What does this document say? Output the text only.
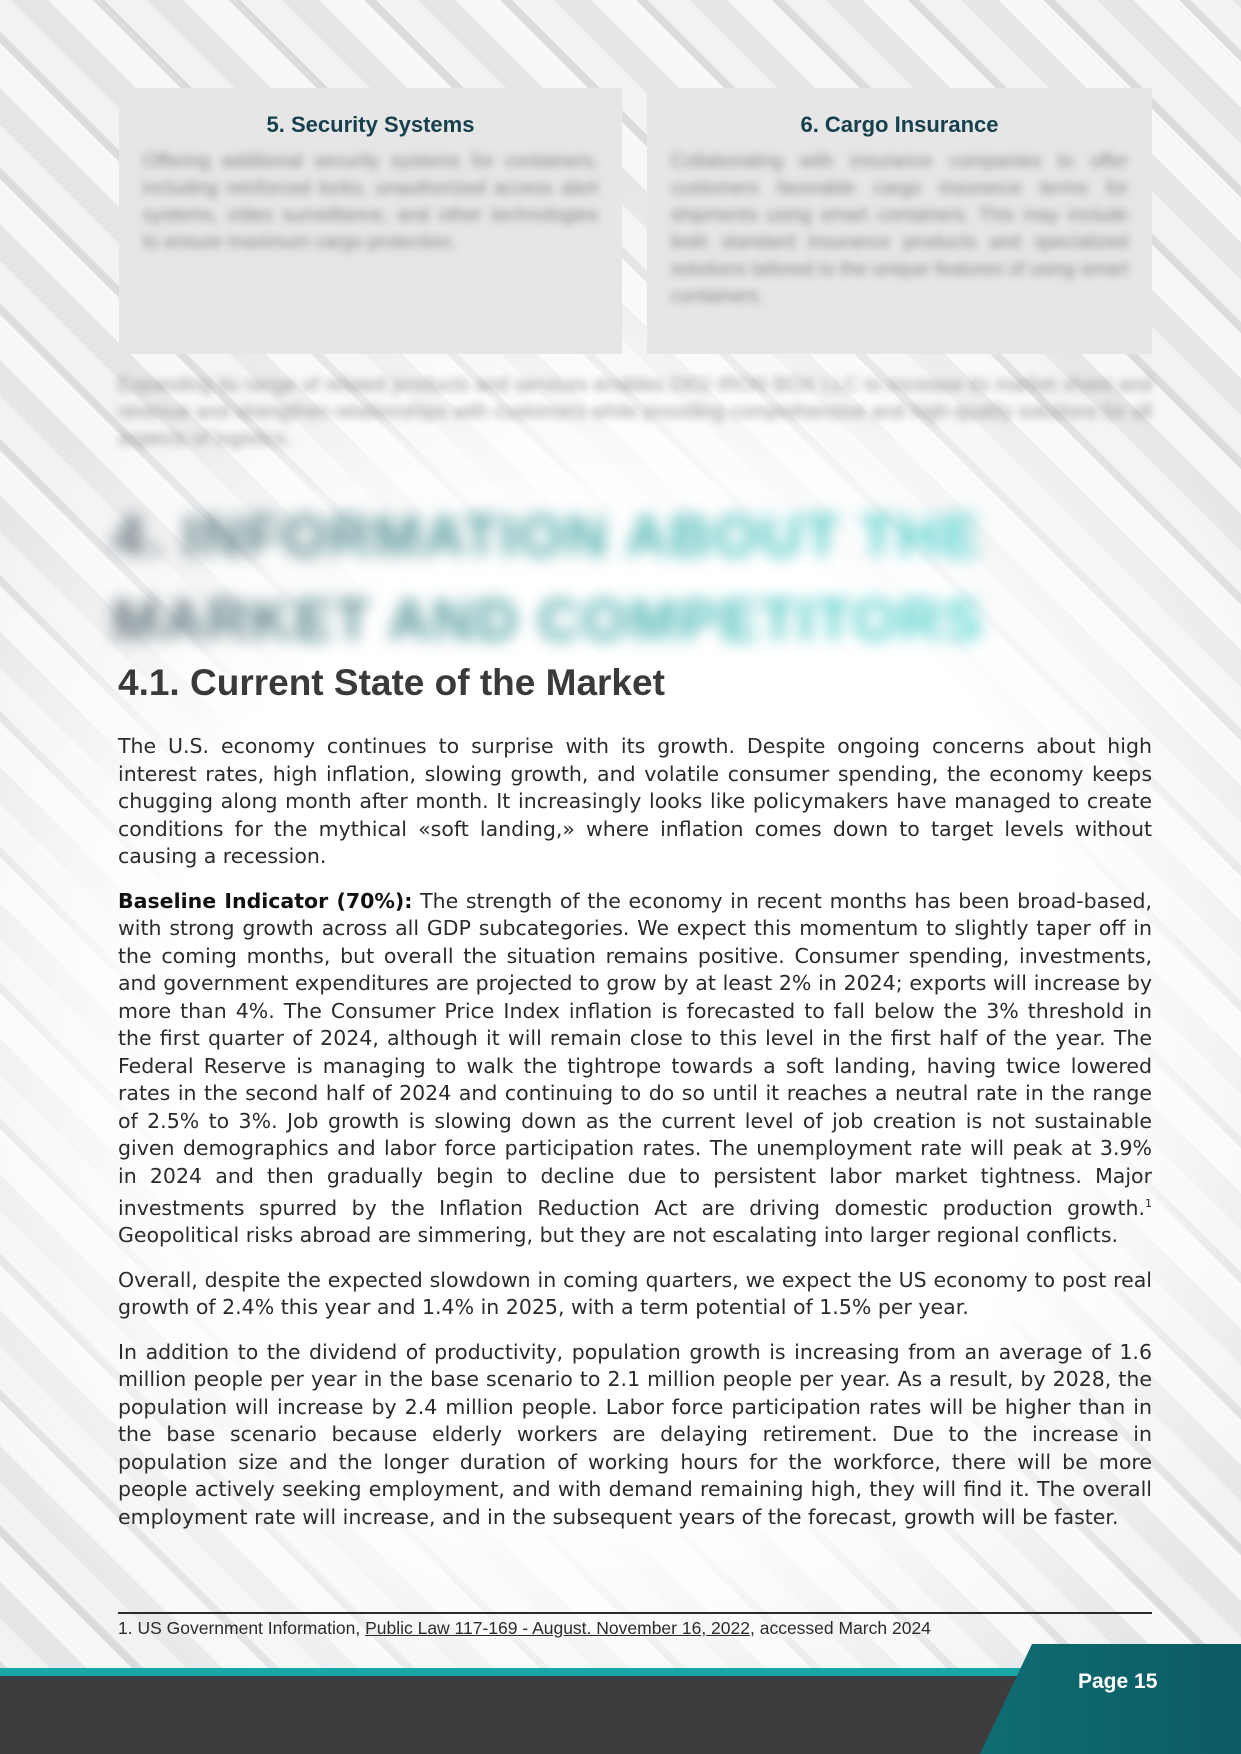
5. Security Systems

Offering additional security systems for containers, including reinforced locks, unauthorized access alert systems, video surveillance, and other technologies to ensure maximum cargo protection.

6. Cargo Insurance

Collaborating with insurance companies to offer customers favorable cargo insurance terms for shipments using smart containers. This may include both standard insurance products and specialized solutions tailored to the unique features of using smart containers.

Expanding its range of related products and services enables DIGI IRON BOX LLC to increase its market share and revenue and strengthen relationships with customers while providing comprehensive and high-quality solutions for all aspects of logistics.

4. INFORMATION ABOUT THE MARKET AND COMPETITORS
4.1. Current State of the Market

The U.S. economy continues to surprise with its growth. Despite ongoing concerns about high interest rates, high inflation, slowing growth, and volatile consumer spending, the economy keeps chugging along month after month. It increasingly looks like policymakers have managed to create conditions for the mythical «soft landing,» where inflation comes down to target levels without causing a recession.

Baseline Indicator (70%): The strength of the economy in recent months has been broad-based, with strong growth across all GDP subcategories. We expect this momentum to slightly taper off in the coming months, but overall the situation remains positive. Consumer spending, investments, and government expenditures are projected to grow by at least 2% in 2024; exports will increase by more than 4%. The Consumer Price Index inflation is forecasted to fall below the 3% threshold in the first quarter of 2024, although it will remain close to this level in the first half of the year. The Federal Reserve is managing to walk the tightrope towards a soft landing, having twice lowered rates in the second half of 2024 and continuing to do so until it reaches a neutral rate in the range of 2.5% to 3%. Job growth is slowing down as the current level of job creation is not sustainable given demographics and labor force participation rates. The unemployment rate will peak at 3.9% in 2024 and then gradually begin to decline due to persistent labor market tightness. Major investments spurred by the Inflation Reduction Act are driving domestic production growth.$^1$ Geopolitical risks abroad are simmering, but they are not escalating into larger regional conflicts.

Overall, despite the expected slowdown in coming quarters, we expect the US economy to post real growth of 2.4% this year and 1.4% in 2025, with a term potential of 1.5% per year.

In addition to the dividend of productivity, population growth is increasing from an average of 1.6 million people per year in the base scenario to 2.1 million people per year. As a result, by 2028, the population will increase by 2.4 million people. Labor force participation rates will be higher than in the base scenario because elderly workers are delaying retirement. Due to the increase in population size and the longer duration of working hours for the workforce, there will be more people actively seeking employment, and with demand remaining high, they will find it. The overall employment rate will increase, and in the subsequent years of the forecast, growth will be faster.

1. US Government Information, Public Law 117-169 - August. November 16, 2022, accessed March 2024

Page 15
